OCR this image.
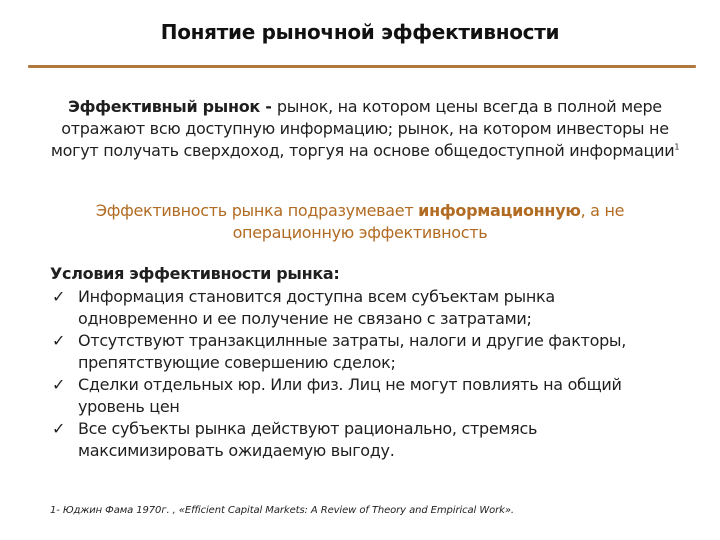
Понятие рыночной эффективности
Эффективный рынок - рынок, на котором цены всегда в полной мере отражают всю доступную информацию; рынок, на котором инвесторы не могут получать сверхдоход, торгуя на основе общедоступной информации$^1$
Эффективность рынка подразумевает информационную, а не операционную эффективность
Условия эффективности рынка:
✓ Информация становится доступна всем субъектам рынка одновременно и ее получение не связано с затратами;
✓ Отсутствуют транзакцилнные затраты, налоги и другие факторы, препятствующие совершению сделок;
✓ Сделки отдельных юр. Или физ. Лиц не могут повлиять на общий уровень цен
✓ Все субъекты рынка действуют рационально, стремясь максимизировать ожидаемую выгоду.
1- Юджин Фама 1970г. , «Efficient Capital Markets: A Review of Theory and Empirical Work».
